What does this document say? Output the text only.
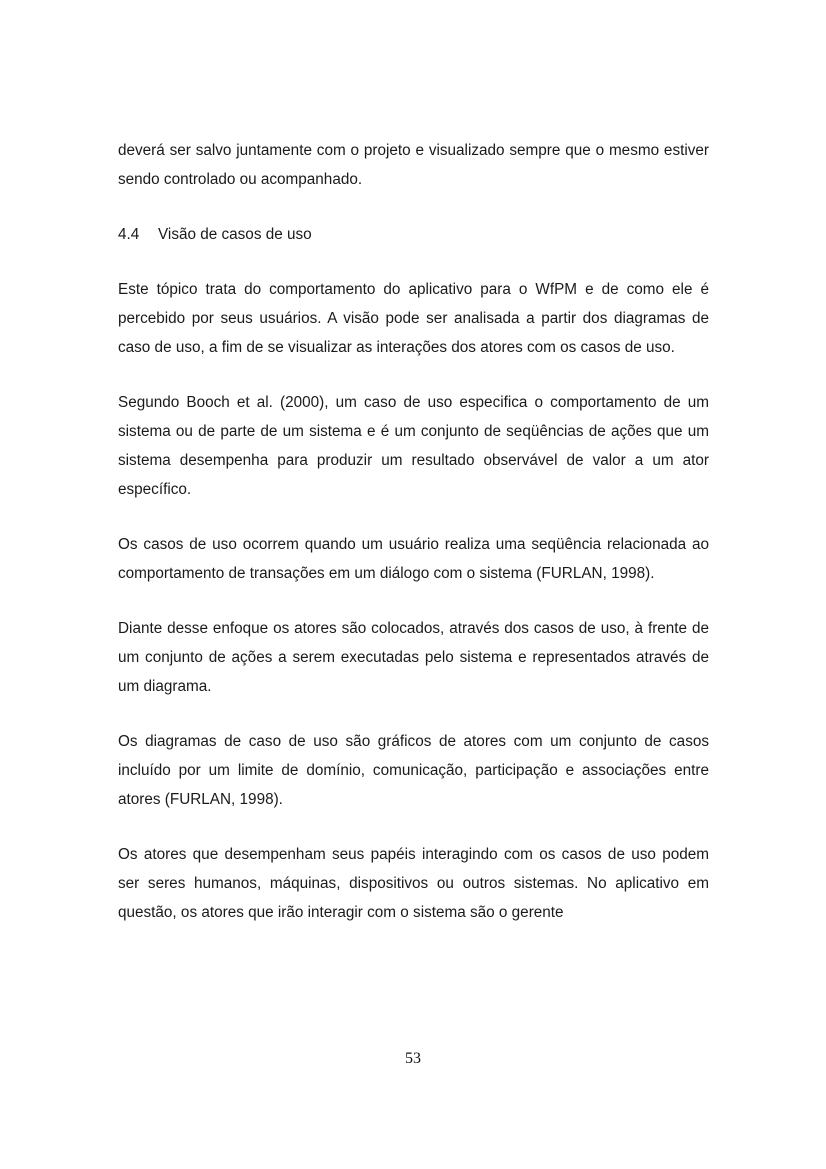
deverá ser salvo juntamente com o projeto e visualizado sempre que o mesmo estiver sendo controlado ou acompanhado.

4.4	Visão de casos de uso

Este tópico trata do comportamento do aplicativo para o WfPM e de como ele é percebido por seus usuários. A visão pode ser analisada a partir dos diagramas de caso de uso, a fim de se visualizar as interações dos atores com os casos de uso.

Segundo Booch et al. (2000), um caso de uso especifica o comportamento de um sistema ou de parte de um sistema e é um conjunto de seqüências de ações que um sistema desempenha para produzir um resultado observável de valor a um ator específico.

Os casos de uso ocorrem quando um usuário realiza uma seqüência relacionada ao comportamento de transações em um diálogo com o sistema (FURLAN, 1998).

Diante desse enfoque os atores são colocados, através dos casos de uso, à frente de um conjunto de ações a serem executadas pelo sistema e representados através de um diagrama.

Os diagramas de caso de uso são gráficos de atores com um conjunto de casos incluído por um limite de domínio, comunicação, participação e associações entre atores (FURLAN, 1998).

Os atores que desempenham seus papéis interagindo com os casos de uso podem ser seres humanos, máquinas, dispositivos ou outros sistemas. No aplicativo em questão, os atores que irão interagir com o sistema são o gerente

53
